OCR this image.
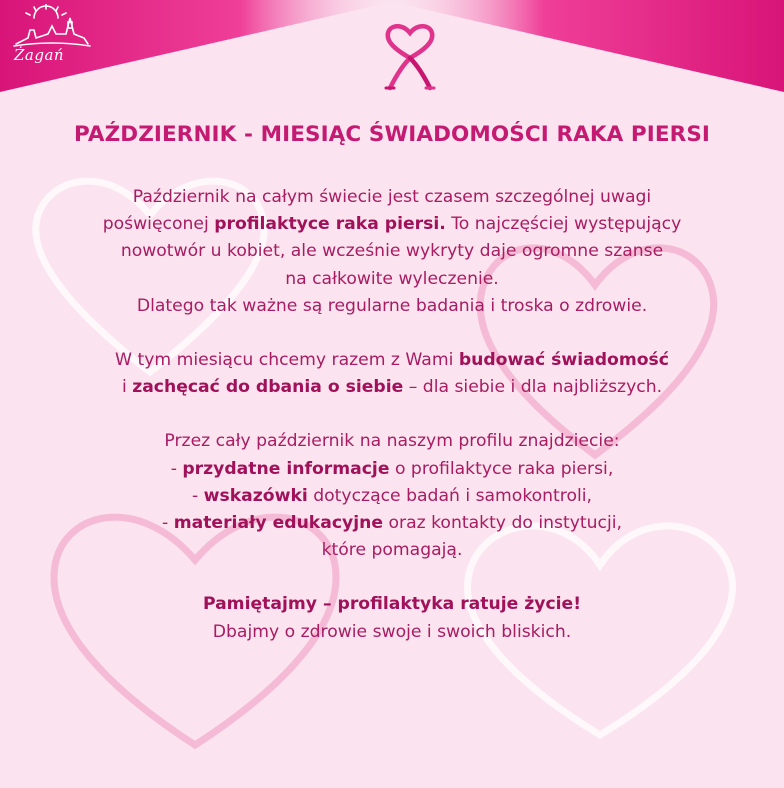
Żagań
PAŹDZIERNIK - MIESIĄC ŚWIADOMOŚCI RAKA PIERSI

Październik na całym świecie jest czasem szczególnej uwagi
poświęconej profilaktyce raka piersi. To najczęściej występujący
nowotwór u kobiet, ale wcześnie wykryty daje ogromne szanse
na całkowite wyleczenie.
Dlatego tak ważne są regularne badania i troska o zdrowie.

W tym miesiącu chcemy razem z Wami budować świadomość
i zachęcać do dbania o siebie – dla siebie i dla najbliższych.

Przez cały październik na naszym profilu znajdziecie:
- przydatne informacje o profilaktyce raka piersi,
- wskazówki dotyczące badań i samokontroli,
- materiały edukacyjne oraz kontakty do instytucji,
które pomagają.

Pamiętajmy – profilaktyka ratuje życie!
Dbajmy o zdrowie swoje i swoich bliskich.
